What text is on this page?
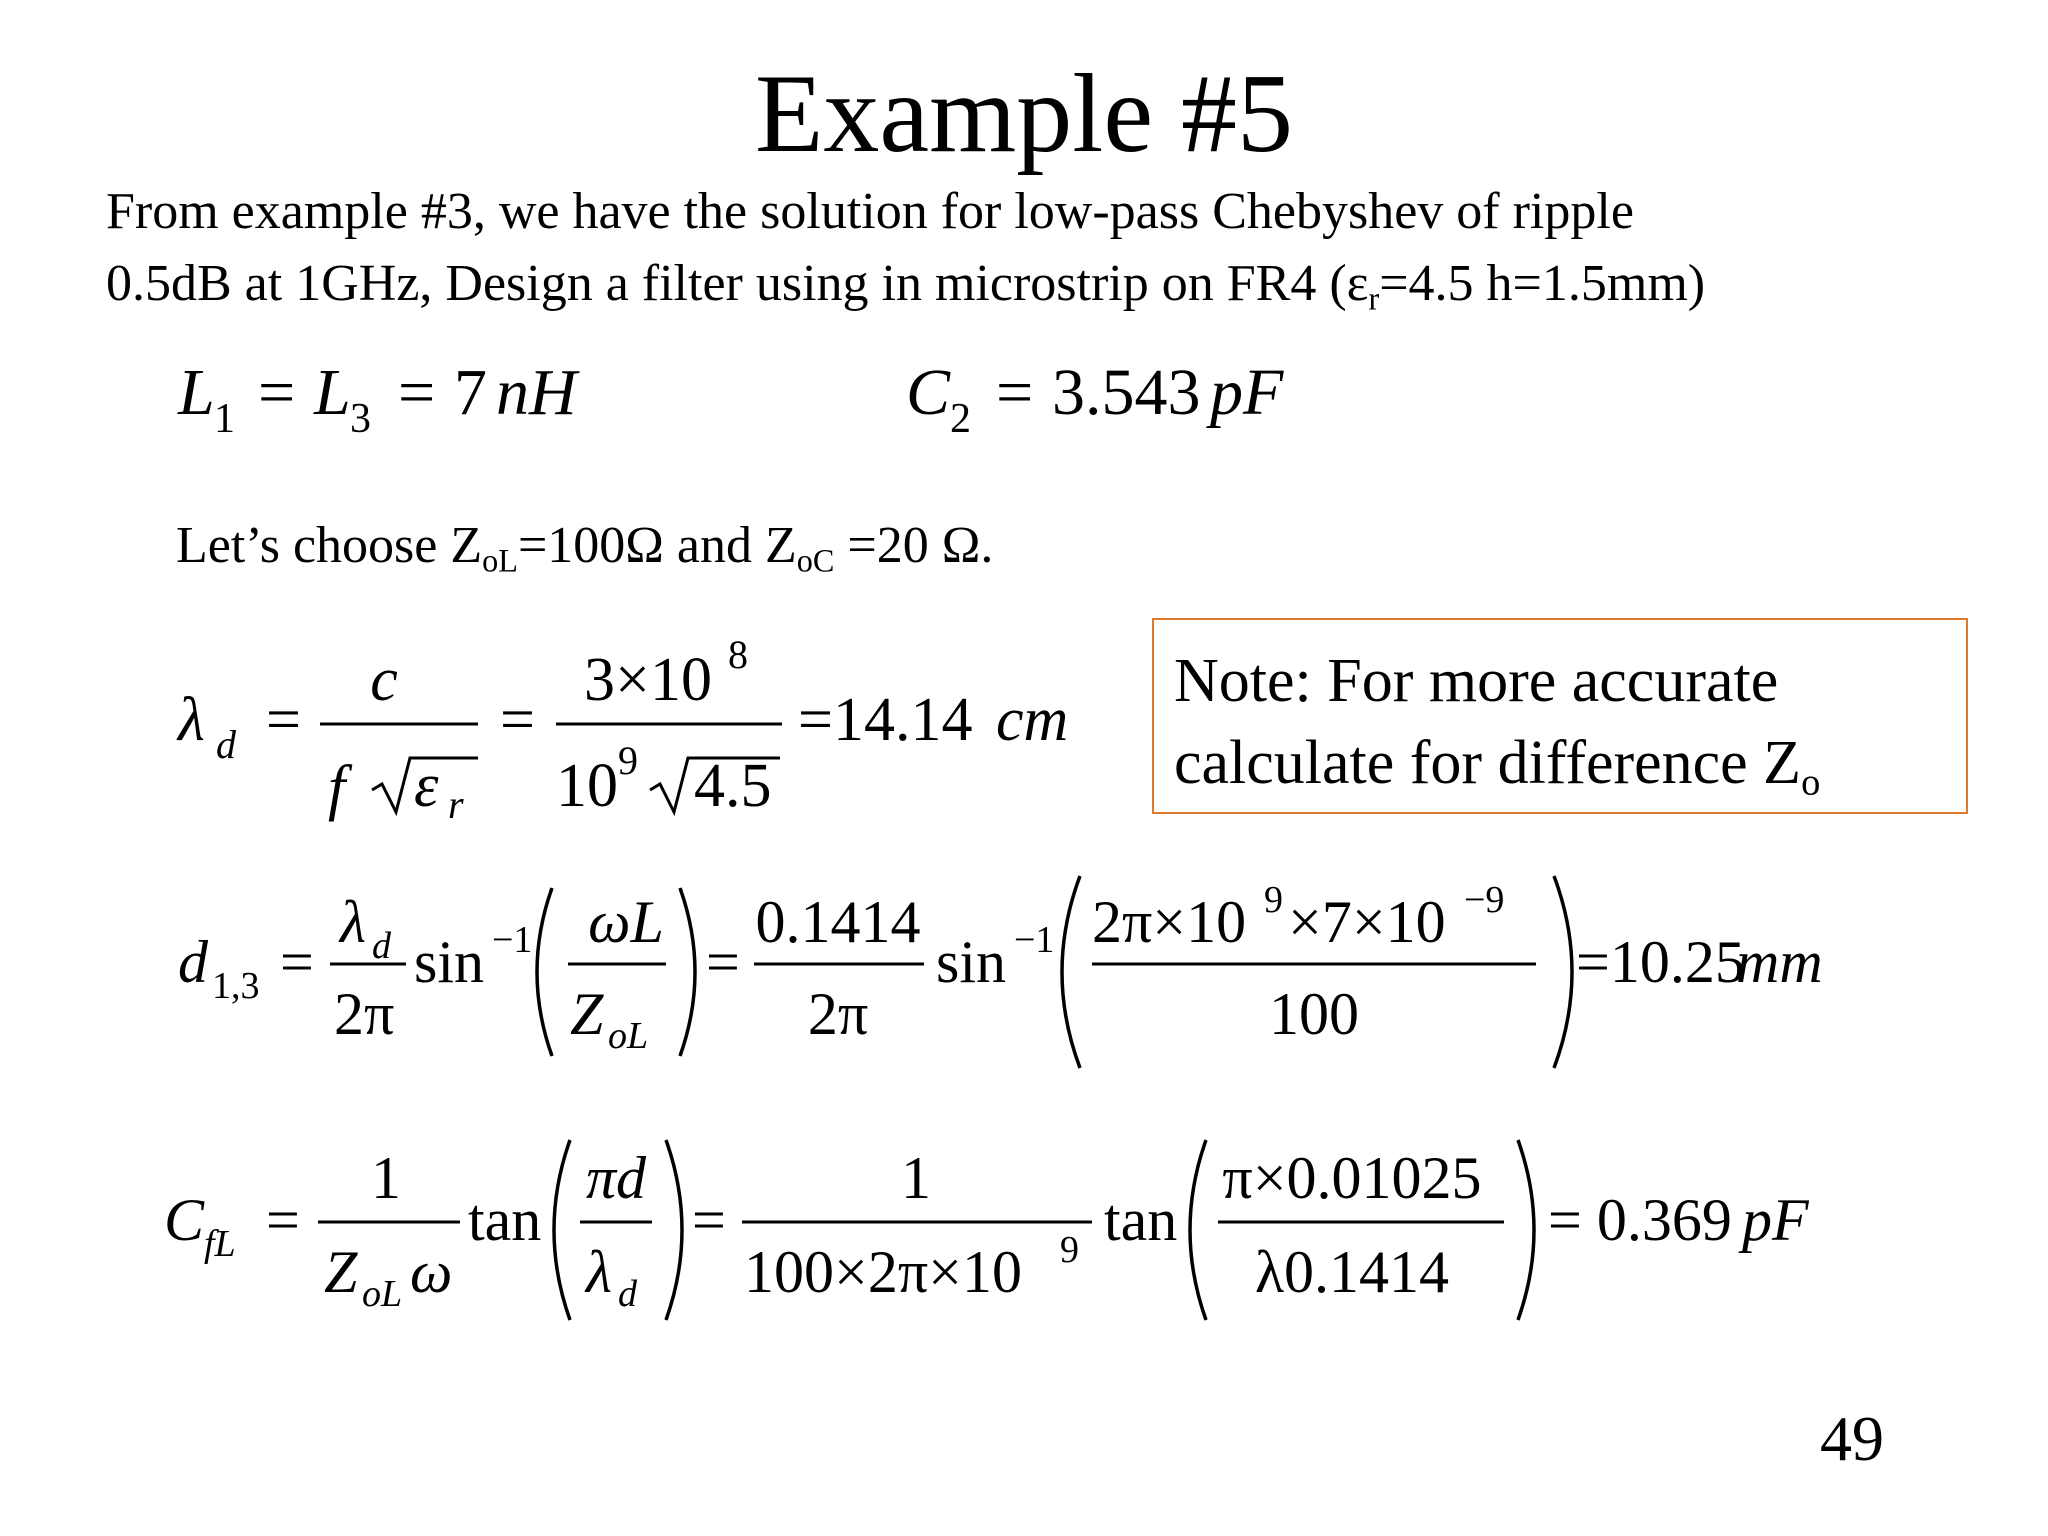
Example #5
From example #3, we have the solution for low-pass Chebyshev of ripple
0.5dB at 1GHz, Design a filter using in microstrip on FR4 ($\varepsilon_r=4.5$ h=1.5mm)
Let’s choose $Z_{oL}=100\Omega$ and $Z_{oC} =20$ Ω.
Note: For more accurate
calculate for difference $Z_o$
49
L 1 = L 3 = 7 nH	C 2 = 3.543 pF
λ d =
c
f ε r
=
3×10 8
10 9 4.5
=14.14 cm
d 1,3 =
λ d
2π
sin −1 ωL
Z oL
=
0.1414
2π
sin −1 2π×10 9 ×7×10 −9
100
=10.25
mm
C fL =
1
Z oL ω
tan
πd
λ d
=
1
100×2π×10 9 tan
π×0.01025
λ0.1414
= 0.369 pF
